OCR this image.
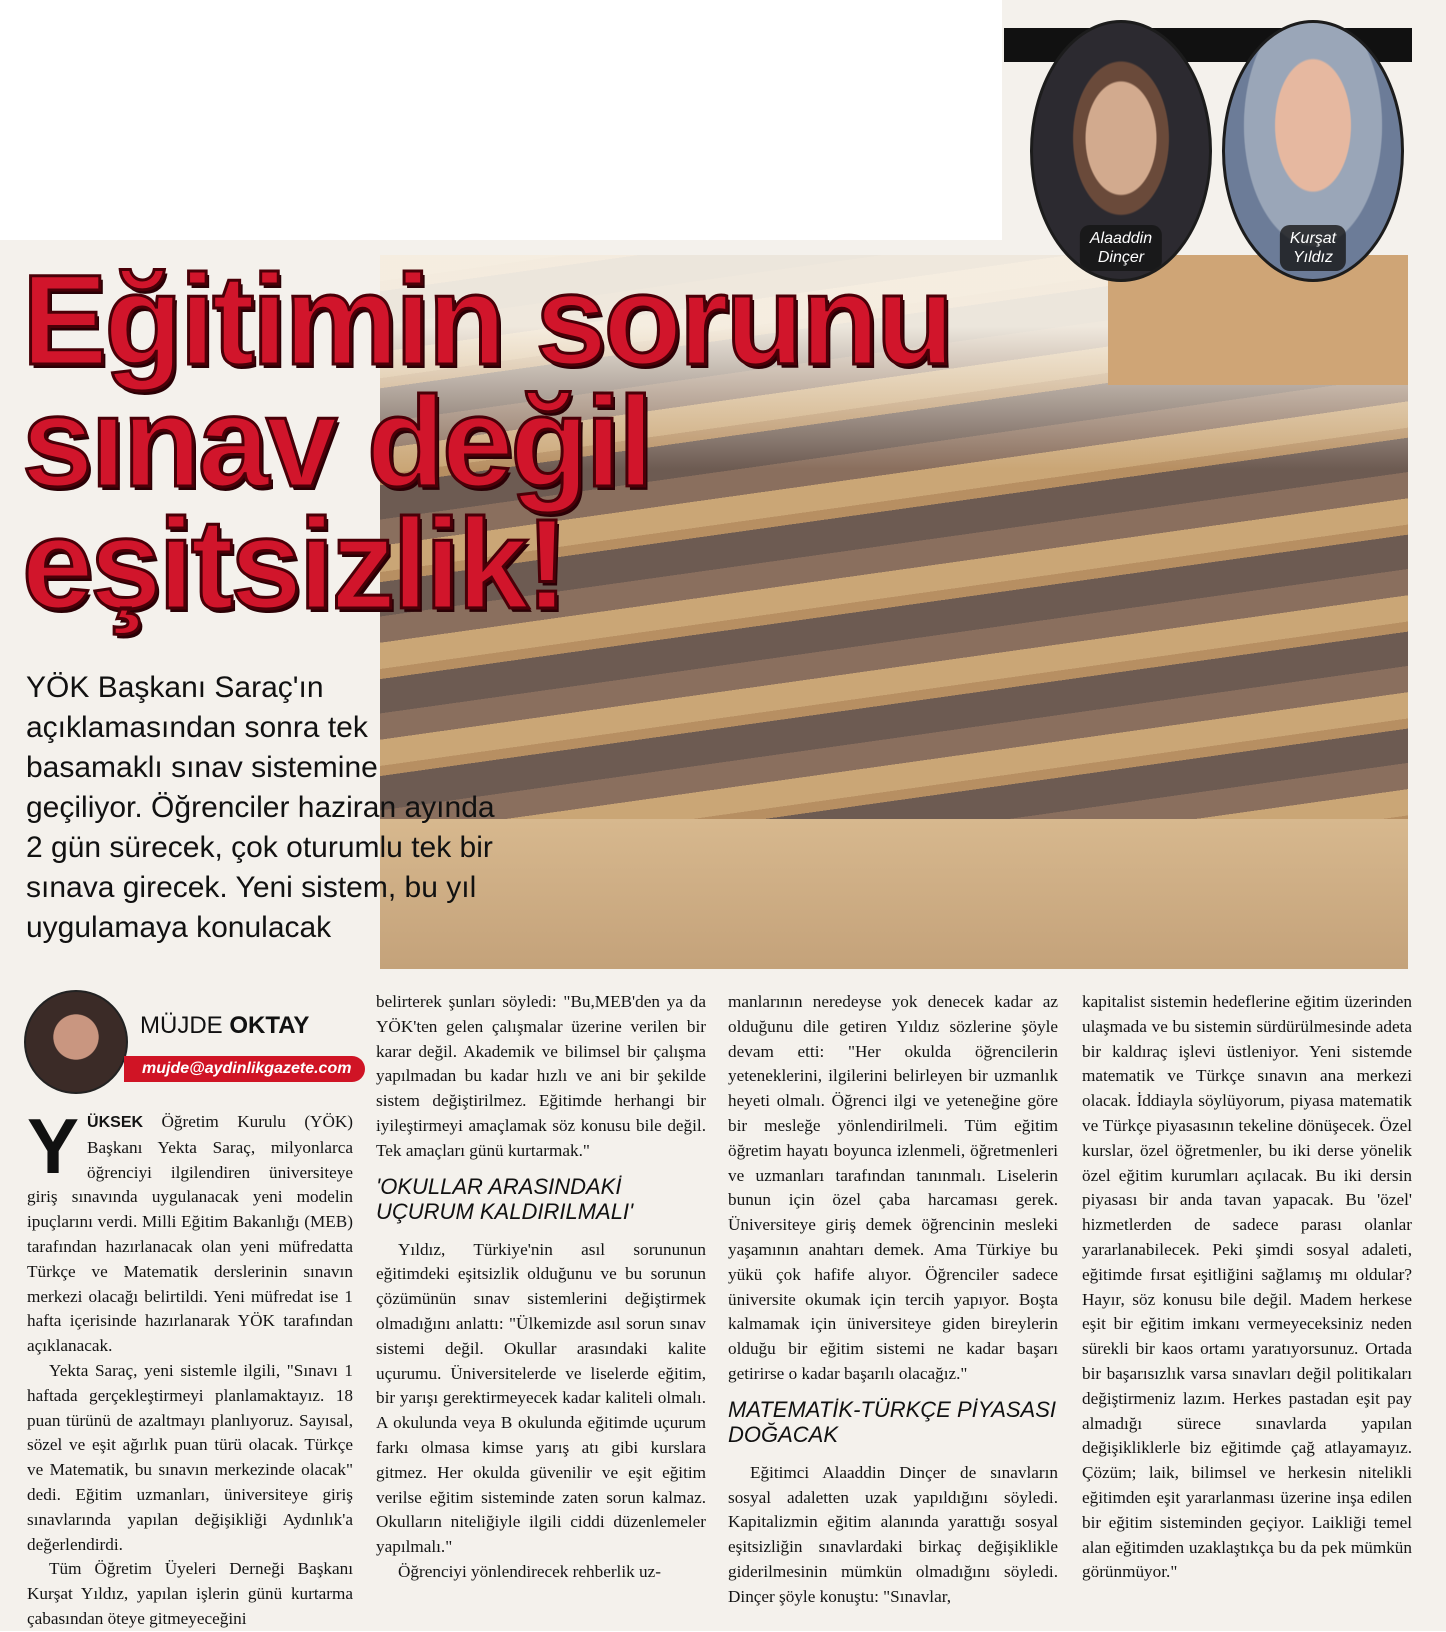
Alaaddin
Dinçer
Kurşat
Yıldız
Eğitimin sorunu
sınav değil
eşitsizlik!

YÖK Başkanı Saraç'ın açıklamasından sonra tek basamaklı sınav sistemine geçiliyor. Öğrenciler haziran ayında 2 gün sürecek, çok oturumlu tek bir sınava girecek. Yeni sistem, bu yıl uygulamaya konulacak

MÜJDE OKTAY
mujde@aydinlikgazete.com

YÜKSEK Öğretim Kurulu (YÖK) Başkanı Yekta Saraç, milyonlarca öğrenciyi ilgilendiren üniversiteye giriş sınavında uygulanacak yeni modelin ipuçlarını verdi. Milli Eğitim Bakanlığı (MEB) tarafından hazırlanacak olan yeni müfredatta Türkçe ve Matematik derslerinin sınavın merkezi olacağı belirtildi. Yeni müfredat ise 1 hafta içerisinde hazırlanarak YÖK tarafından açıklanacak.

Yekta Saraç, yeni sistemle ilgili, "Sınavı 1 haftada gerçekleştirmeyi planlamaktayız. 18 puan türünü de azaltmayı planlıyoruz. Sayısal, sözel ve eşit ağırlık puan türü olacak. Türkçe ve Matematik, bu sınavın merkezinde olacak" dedi. Eğitim uzmanları, üniversiteye giriş sınavlarında yapılan değişikliği Aydınlık'a değerlendirdi.

Tüm Öğretim Üyeleri Derneği Başkanı Kurşat Yıldız, yapılan işlerin günü kurtarma çabasından öteye gitmeyeceğini

belirterek şunları söyledi: "Bu,MEB'den ya da YÖK'ten gelen çalışmalar üzerine verilen bir karar değil. Akademik ve bilimsel bir çalışma yapılmadan bu kadar hızlı ve ani bir şekilde sistem değiştirilmez. Eğitimde herhangi bir iyileştirmeyi amaçlamak söz konusu bile değil. Tek amaçları günü kurtarmak."

'OKULLAR ARASINDAKİ UÇURUM KALDIRILMALI'

Yıldız, Türkiye'nin asıl sorununun eğitimdeki eşitsizlik olduğunu ve bu sorunun çözümünün sınav sistemlerini değiştirmek olmadığını anlattı: "Ülkemizde asıl sorun sınav sistemi değil. Okullar arasındaki kalite uçurumu. Üniversitelerde ve liselerde eğitim, bir yarışı gerektirmeyecek kadar kaliteli olmalı. A okulunda veya B okulunda eğitimde uçurum farkı olmasa kimse yarış atı gibi kurslara gitmez. Her okulda güvenilir ve eşit eğitim verilse eğitim sisteminde zaten sorun kalmaz. Okulların niteliğiyle ilgili ciddi düzenlemeler yapılmalı."

Öğrenciyi yönlendirecek rehberlik uz-

manlarının neredeyse yok denecek kadar az olduğunu dile getiren Yıldız sözlerine şöyle devam etti: "Her okulda öğrencilerin yeteneklerini, ilgilerini belirleyen bir uzmanlık heyeti olmalı. Öğrenci ilgi ve yeteneğine göre bir mesleğe yönlendirilmeli. Tüm eğitim öğretim hayatı boyunca izlenmeli, öğretmenleri ve uzmanları tarafından tanınmalı. Liselerin bunun için özel çaba harcaması gerek. Üniversiteye giriş demek öğrencinin mesleki yaşamının anahtarı demek. Ama Türkiye bu yükü çok hafife alıyor. Öğrenciler sadece üniversite okumak için tercih yapıyor. Boşta kalmamak için üniversiteye giden bireylerin olduğu bir eğitim sistemi ne kadar başarı getirirse o kadar başarılı olacağız."

MATEMATİK-TÜRKÇE PİYASASI DOĞACAK

Eğitimci Alaaddin Dinçer de sınavların sosyal adaletten uzak yapıldığını söyledi. Kapitalizmin eğitim alanında yarattığı sosyal eşitsizliğin sınavlardaki birkaç değişiklikle giderilmesinin mümkün olmadığını söyledi. Dinçer şöyle konuştu: "Sınavlar,

kapitalist sistemin hedeflerine eğitim üzerinden ulaşmada ve bu sistemin sürdürülmesinde adeta bir kaldıraç işlevi üstleniyor. Yeni sistemde matematik ve Türkçe sınavın ana merkezi olacak. İddiayla söylüyorum, piyasa matematik ve Türkçe piyasasının tekeline dönüşecek. Özel kurslar, özel öğretmenler, bu iki derse yönelik özel eğitim kurumları açılacak. Bu iki dersin piyasası bir anda tavan yapacak. Bu 'özel' hizmetlerden de sadece parası olanlar yararlanabilecek. Peki şimdi sosyal adaleti, eğitimde fırsat eşitliğini sağlamış mı oldular? Hayır, söz konusu bile değil. Madem herkese eşit bir eğitim imkanı vermeyeceksiniz neden sürekli bir kaos ortamı yaratıyorsunuz. Ortada bir başarısızlık varsa sınavları değil politikaları değiştirmeniz lazım. Herkes pastadan eşit pay almadığı sürece sınavlarda yapılan değişikliklerle biz eğitimde çağ atlayamayız. Çözüm; laik, bilimsel ve herkesin nitelikli eğitimden eşit yararlanması üzerine inşa edilen bir eğitim sisteminden geçiyor. Laikliği temel alan eğitimden uzaklaştıkça bu da pek mümkün görünmüyor."
